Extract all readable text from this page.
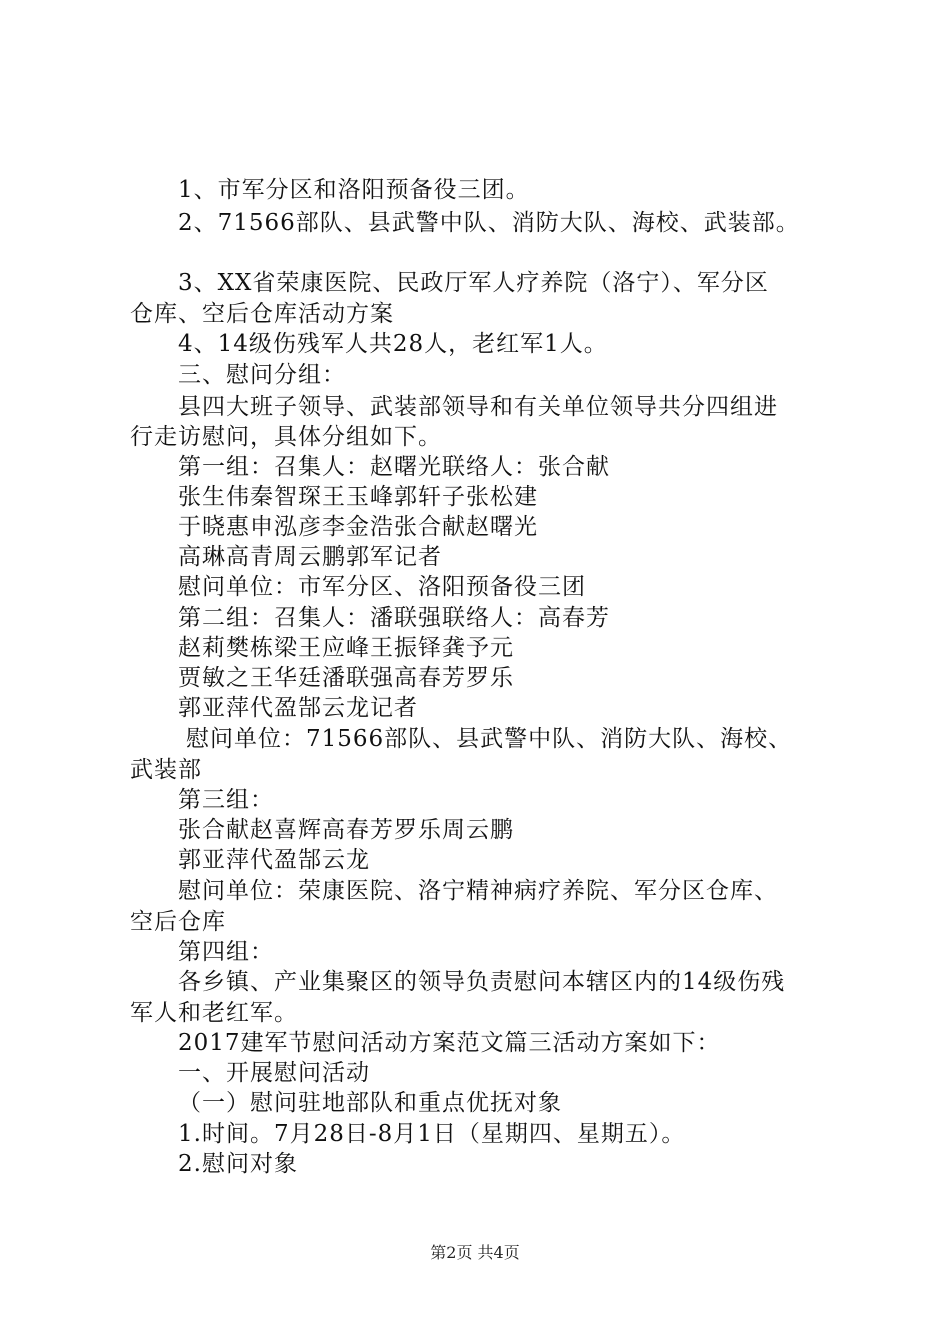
1、市军分区和洛阳预备役三团。
2、71566部队、县武警中队、消防大队、海校、武装部。
3、XX省荣康医院、民政厅军人疗养院（洛宁）、军分区
仓库、空后仓库活动方案
4、14级伤残军人共28人，老红军1人。
三、慰问分组：
县四大班子领导、武装部领导和有关单位领导共分四组进
行走访慰问，具体分组如下。
第一组：召集人：赵曙光联络人：张合献
张生伟秦智琛王玉峰郭轩子张松建
于晓惠申泓彦李金浩张合献赵曙光
高琳高青周云鹏郭军记者
慰问单位：市军分区、洛阳预备役三团
第二组：召集人：潘联强联络人：高春芳
赵莉樊栋梁王应峰王振铎龚予元
贾敏之王华廷潘联强高春芳罗乐
郭亚萍代盈郜云龙记者
慰问单位：71566部队、县武警中队、消防大队、海校、
武装部
第三组：
张合献赵喜辉高春芳罗乐周云鹏
郭亚萍代盈郜云龙
慰问单位：荣康医院、洛宁精神病疗养院、军分区仓库、
空后仓库
第四组：
各乡镇、产业集聚区的领导负责慰问本辖区内的14级伤残
军人和老红军。
2017建军节慰问活动方案范文篇三活动方案如下：
一、开展慰问活动
（一）慰问驻地部队和重点优抚对象
1.时间。7月28日-8月1日（星期四、星期五）。
2.慰问对象
第2页 共4页
